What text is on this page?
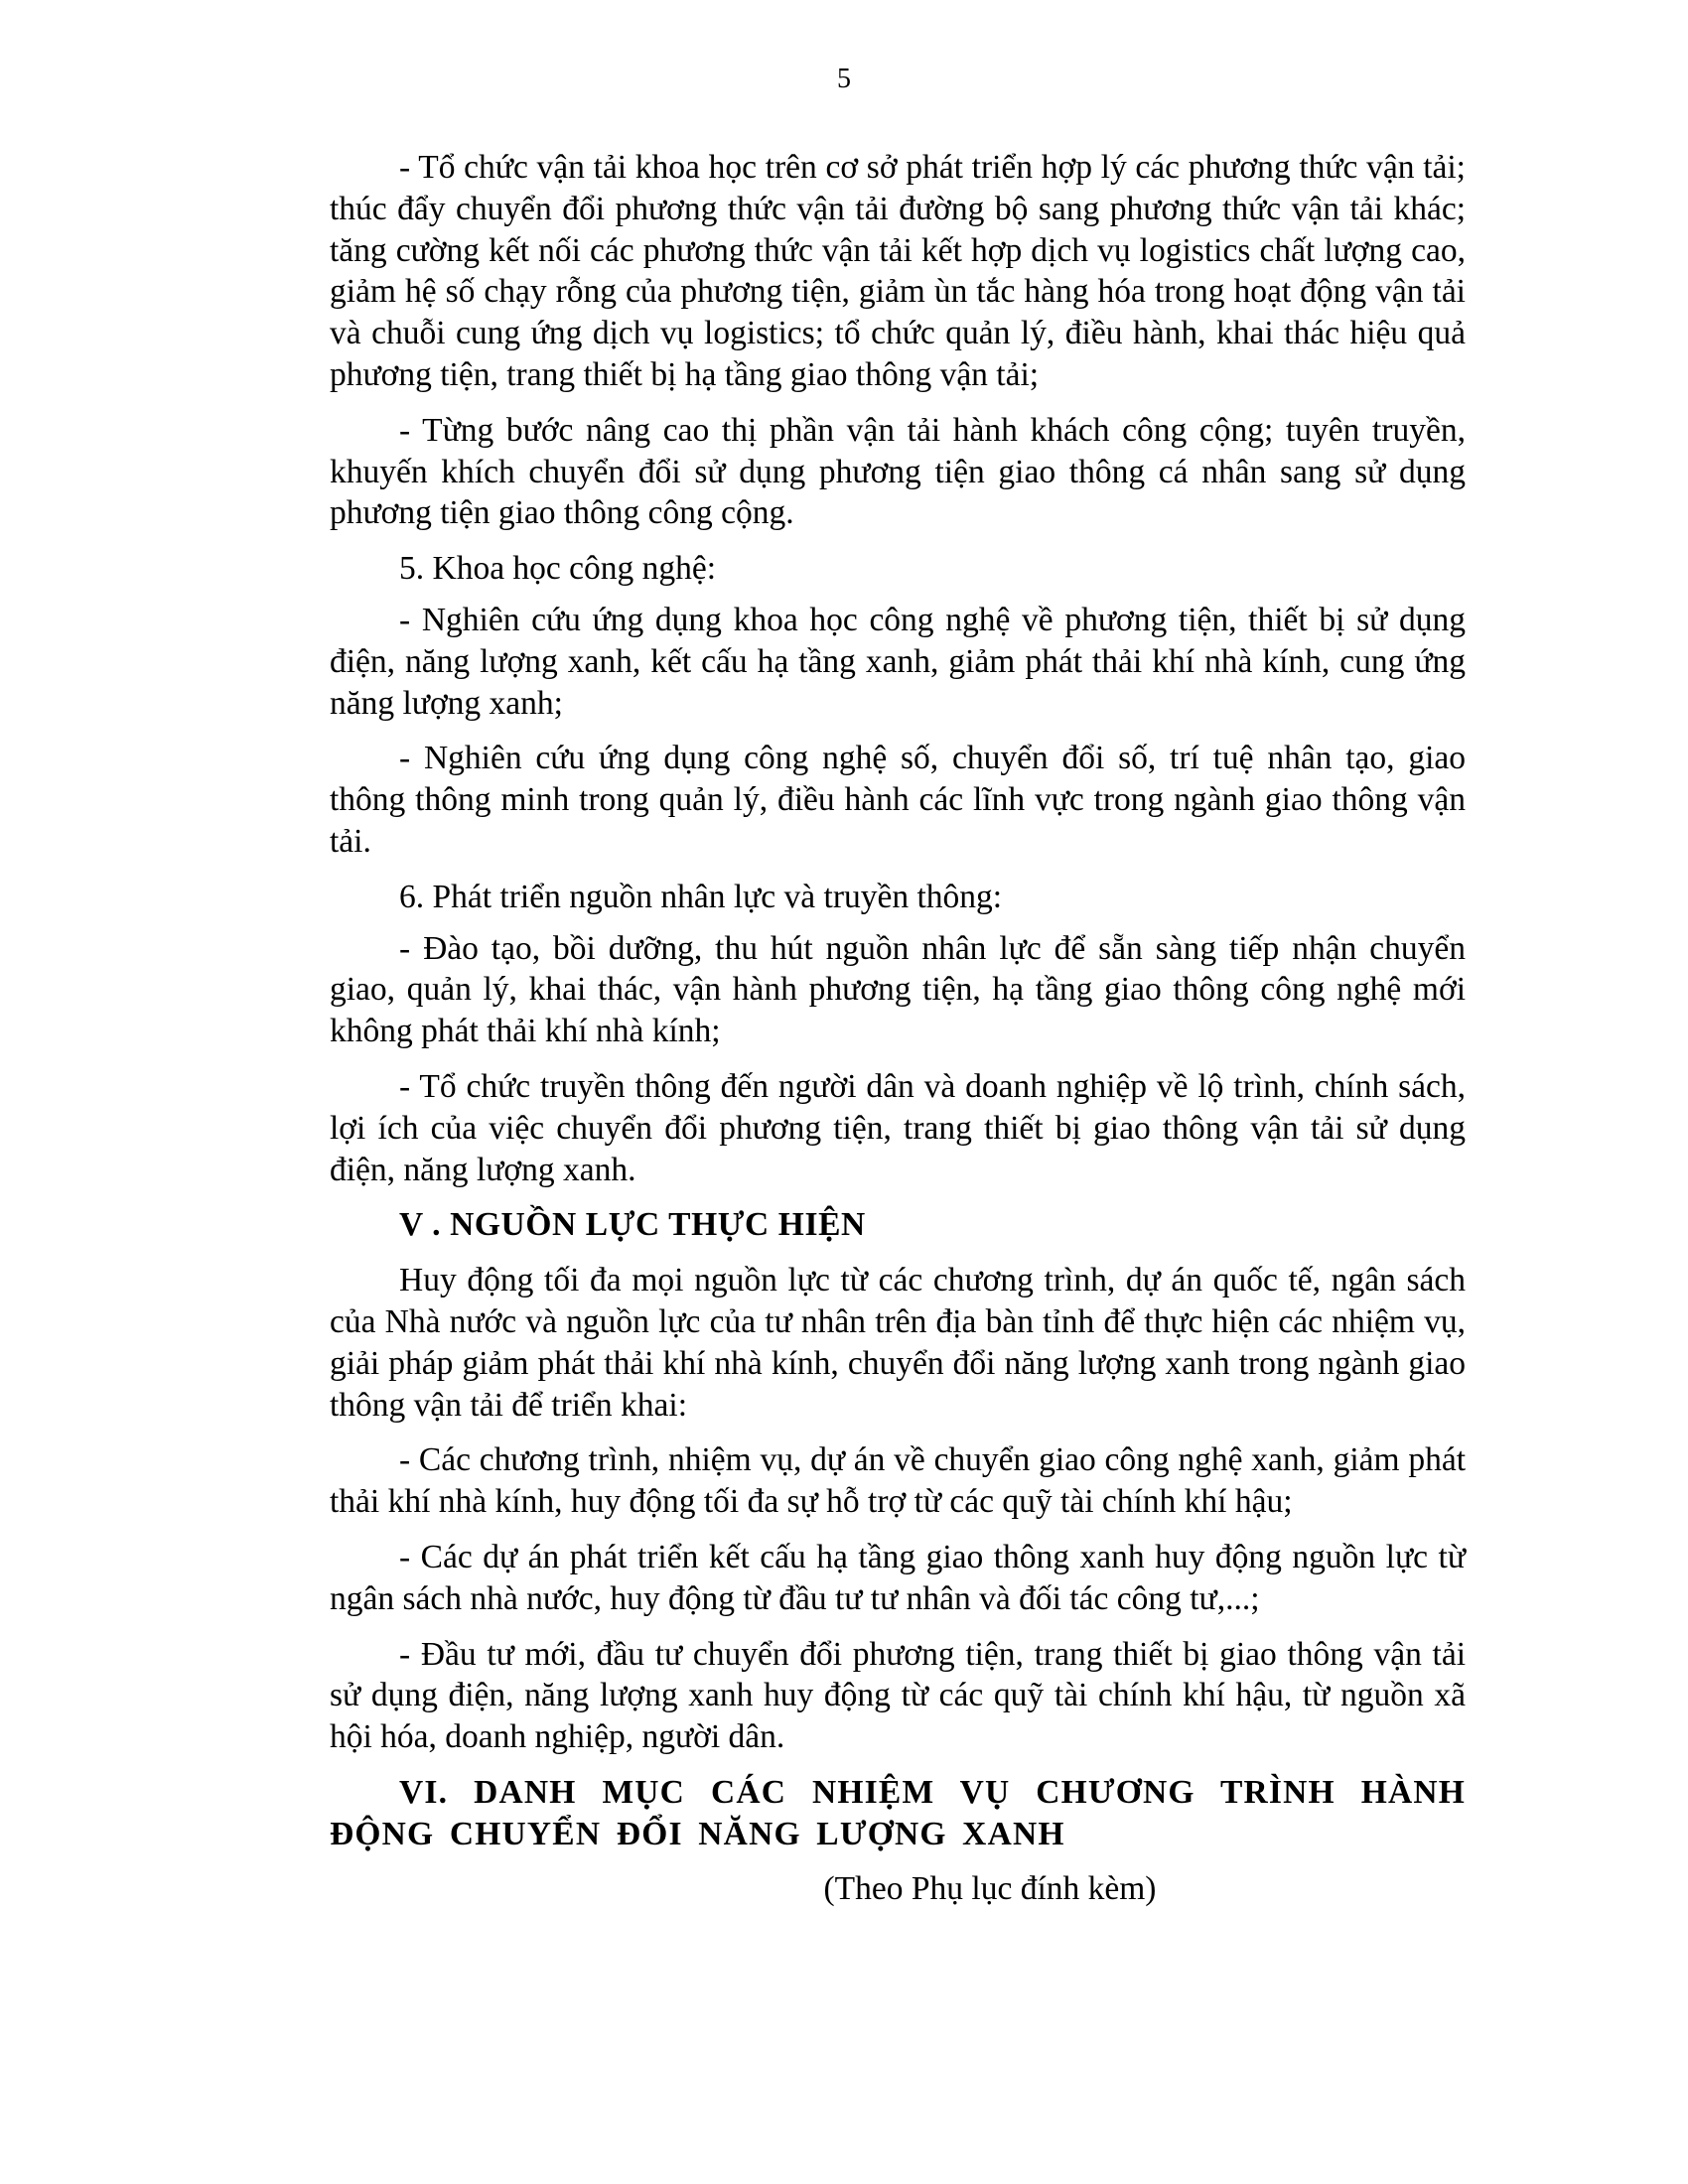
5

- Tổ chức vận tải khoa học trên cơ sở phát triển hợp lý các phương thức vận tải; thúc đẩy chuyển đổi phương thức vận tải đường bộ sang phương thức vận tải khác; tăng cường kết nối các phương thức vận tải kết hợp dịch vụ logistics chất lượng cao, giảm hệ số chạy rỗng của phương tiện, giảm ùn tắc hàng hóa trong hoạt động vận tải và chuỗi cung ứng dịch vụ logistics; tổ chức quản lý, điều hành, khai thác hiệu quả phương tiện, trang thiết bị hạ tầng giao thông vận tải;

- Từng bước nâng cao thị phần vận tải hành khách công cộng; tuyên truyền, khuyến khích chuyển đổi sử dụng phương tiện giao thông cá nhân sang sử dụng phương tiện giao thông công cộng.

5. Khoa học công nghệ:

- Nghiên cứu ứng dụng khoa học công nghệ về phương tiện, thiết bị sử dụng điện, năng lượng xanh, kết cấu hạ tầng xanh, giảm phát thải khí nhà kính, cung ứng năng lượng xanh;

- Nghiên cứu ứng dụng công nghệ số, chuyển đổi số, trí tuệ nhân tạo, giao thông thông minh trong quản lý, điều hành các lĩnh vực trong ngành giao thông vận tải.

6. Phát triển nguồn nhân lực và truyền thông:

- Đào tạo, bồi dưỡng, thu hút nguồn nhân lực để sẵn sàng tiếp nhận chuyển giao, quản lý, khai thác, vận hành phương tiện, hạ tầng giao thông công nghệ mới không phát thải khí nhà kính;

- Tổ chức truyền thông đến người dân và doanh nghiệp về lộ trình, chính sách, lợi ích của việc chuyển đổi phương tiện, trang thiết bị giao thông vận tải sử dụng điện, năng lượng xanh.

V . NGUỒN LỰC THỰC HIỆN

Huy động tối đa mọi nguồn lực từ các chương trình, dự án quốc tế, ngân sách của Nhà nước và nguồn lực của tư nhân trên địa bàn tỉnh để thực hiện các nhiệm vụ, giải pháp giảm phát thải khí nhà kính, chuyển đổi năng lượng xanh trong ngành giao thông vận tải để triển khai:

- Các chương trình, nhiệm vụ, dự án về chuyển giao công nghệ xanh, giảm phát thải khí nhà kính, huy động tối đa sự hỗ trợ từ các quỹ tài chính khí hậu;

- Các dự án phát triển kết cấu hạ tầng giao thông xanh huy động nguồn lực từ ngân sách nhà nước, huy động từ đầu tư tư nhân và đối tác công tư,...;

- Đầu tư mới, đầu tư chuyển đổi phương tiện, trang thiết bị giao thông vận tải sử dụng điện, năng lượng xanh huy động từ các quỹ tài chính khí hậu, từ nguồn xã hội hóa, doanh nghiệp, người dân.

VI. DANH MỤC CÁC NHIỆM VỤ CHƯƠNG TRÌNH HÀNH ĐỘNG CHUYỂN ĐỔI NĂNG LƯỢNG XANH

(Theo Phụ lục đính kèm)
